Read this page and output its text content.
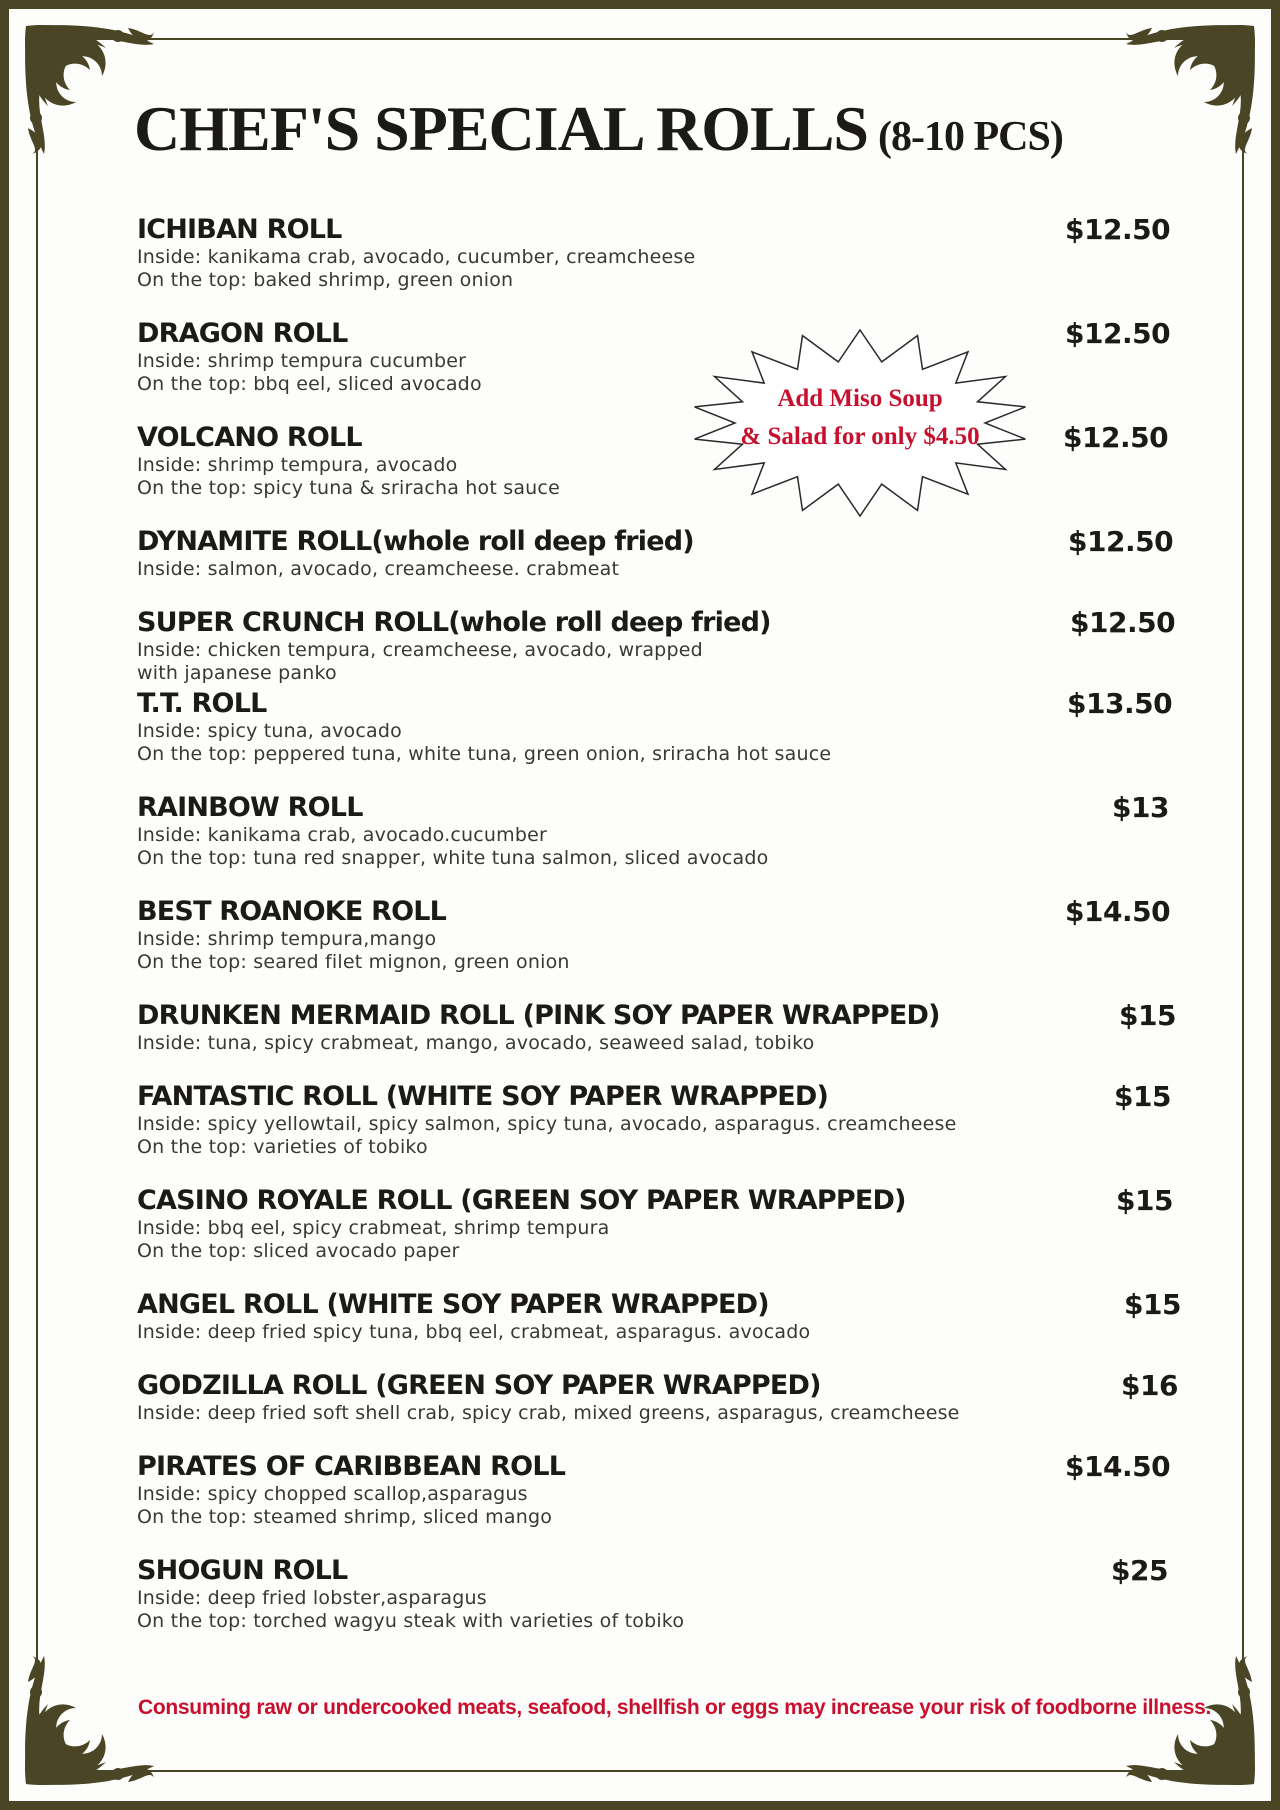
CHEF'S SPECIAL ROLLS (8-10 PCS)
Add Miso Soup
& Salad for only $4.50
ICHIBAN ROLL	$12.50
Inside: kanikama crab, avocado, cucumber, creamcheese
On the top: baked shrimp, green onion
DRAGON ROLL	$12.50
Inside: shrimp tempura cucumber
On the top: bbq eel, sliced avocado
VOLCANO ROLL	$12.50
Inside: shrimp tempura, avocado
On the top: spicy tuna & sriracha hot sauce
DYNAMITE ROLL(whole roll deep fried)	$12.50
Inside: salmon, avocado, creamcheese. crabmeat
SUPER CRUNCH ROLL(whole roll deep fried)	$12.50
Inside: chicken tempura, creamcheese, avocado, wrapped
with japanese panko
T.T. ROLL	$13.50
Inside: spicy tuna, avocado
On the top: peppered tuna, white tuna, green onion, sriracha hot sauce
RAINBOW ROLL	$13
Inside: kanikama crab, avocado.cucumber
On the top: tuna red snapper, white tuna salmon, sliced avocado
BEST ROANOKE ROLL	$14.50
Inside: shrimp tempura,mango
On the top: seared filet mignon, green onion
DRUNKEN MERMAID ROLL (PINK SOY PAPER WRAPPED)	$15
Inside: tuna, spicy crabmeat, mango, avocado, seaweed salad, tobiko
FANTASTIC ROLL (WHITE SOY PAPER WRAPPED)	$15
Inside: spicy yellowtail, spicy salmon, spicy tuna, avocado, asparagus. creamcheese
On the top: varieties of tobiko
CASINO ROYALE ROLL (GREEN SOY PAPER WRAPPED)	$15
Inside: bbq eel, spicy crabmeat, shrimp tempura
On the top: sliced avocado paper
ANGEL ROLL (WHITE SOY PAPER WRAPPED)	$15
Inside: deep fried spicy tuna, bbq eel, crabmeat, asparagus. avocado
GODZILLA ROLL (GREEN SOY PAPER WRAPPED)	$16
Inside: deep fried soft shell crab, spicy crab, mixed greens, asparagus, creamcheese
PIRATES OF CARIBBEAN ROLL	$14.50
Inside: spicy chopped scallop,asparagus
On the top: steamed shrimp, sliced mango
SHOGUN ROLL	$25
Inside: deep fried lobster,asparagus
On the top: torched wagyu steak with varieties of tobiko
Consuming raw or undercooked meats, seafood, shellfish or eggs may increase your risk of foodborne illness.
